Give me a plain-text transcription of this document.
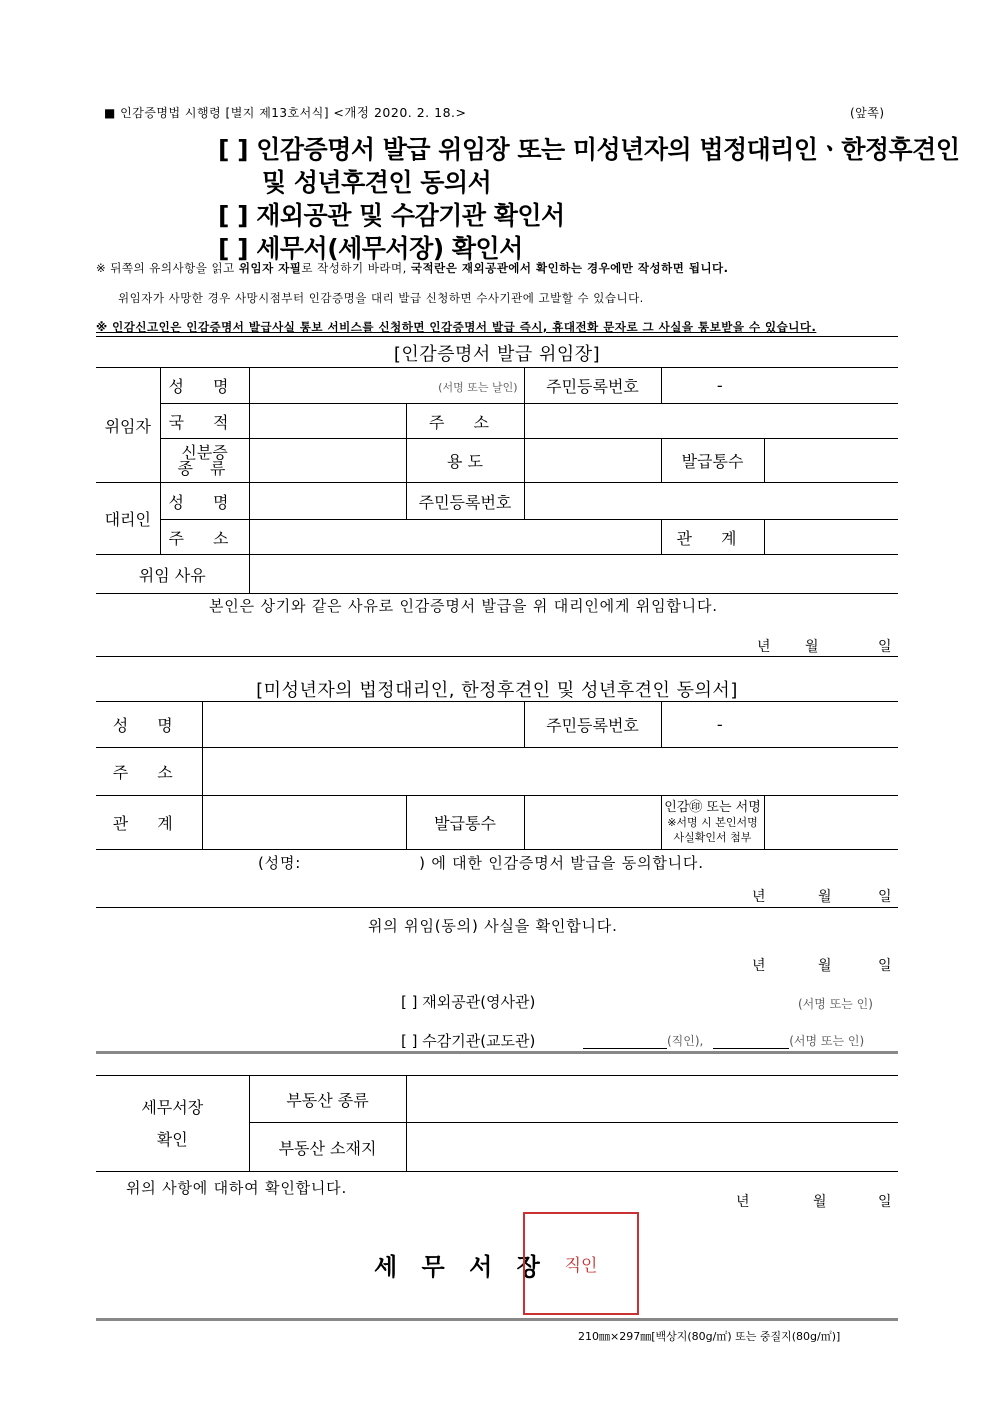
■ 인감증명법 시행령 [별지 제13호서식] <개정 2020. 2. 18.>	(앞쪽)
[ ] 인감증명서 발급 위임장 또는 미성년자의 법정대리인ㆍ한정후견인
및 성년후견인 동의서
[ ] 재외공관 및 수감기관 확인서
[ ] 세무서(세무서장) 확인서
※ 뒤쪽의 유의사항을 읽고 위임자 자필로 작성하기 바라며, 국적란은 재외공관에서 확인하는 경우에만 작성하면 됩니다.
위임자가 사망한 경우 사망시점부터 인감증명을 대리 발급 신청하면 수사기관에 고발할 수 있습니다.
※ 인감신고인은 인감증명서 발급사실 통보 서비스를 신청하면 인감증명서 발급 즉시, 휴대전화 문자로 그 사실을 통보받을 수 있습니다.
[인감증명서 발급 위임장]
위임자	성 명	(서명 또는 날인)		주민등록번호	-	
	국 적		주 소			

	신분증
종 류		용 도		발급통수	
대리인	성 명		주민등록번호			
	주 소				관 계	
위임 사유						
본인은 상기와 같은 사유로 인감증명서 발급을 위 대리인에게 위임합니다.
년 월	일
[미성년자의 법정대리인, 한정후견인 및 성년후견인 동의서]
성 명			주민등록번호	-	
주 소					
관 계		발급통수		인감㊞ 또는 서명
※서명 시 본인서명
사실확인서 첨부	

(성명:	) 에 대한 인감증명서 발급을 동의합니다.
년	월	일
위의 위임(동의) 사실을 확인합니다.
년	월	일
[ ] 재외공관(영사관)	(서명 또는 인)
[ ] 수감기관(교도관)	(직인),	(서명 또는 인)
세무서장
확인	부동산 종류	
	부동산 소재지	
위의 사항에 대하여 확인합니다.
년	월	일
세 무 서 장 직인
210㎜×297㎜[백상지(80g/㎡) 또는 중질지(80g/㎡)]
